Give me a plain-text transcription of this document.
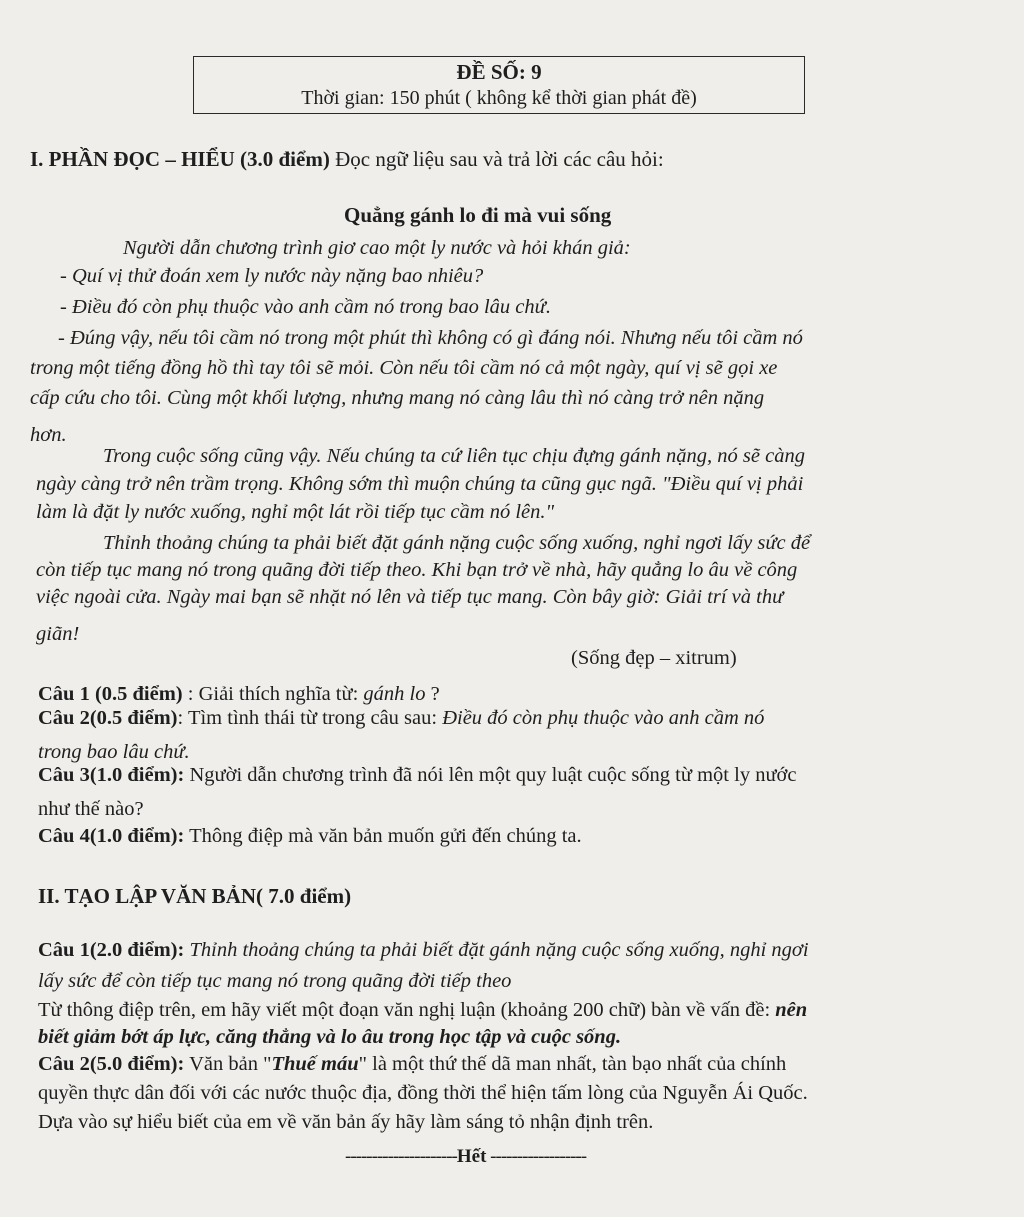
ĐỀ SỐ: 9
Thời gian: 150 phút ( không kể thời gian phát đề)
I. PHẦN ĐỌC – HIỂU (3.0 điểm) Đọc ngữ liệu sau và trả lời các câu hỏi:
Quẳng gánh lo đi mà vui sống
Người dẫn chương trình giơ cao một ly nước và hỏi khán giả:
- Quí vị thử đoán xem ly nước này nặng bao nhiêu?
- Điều đó còn phụ thuộc vào anh cầm nó trong bao lâu chứ.
- Đúng vậy, nếu tôi cầm nó trong một phút thì không có gì đáng nói. Nhưng nếu tôi cầm nó
trong một tiếng đồng hồ thì tay tôi sẽ mỏi. Còn nếu tôi cầm nó cả một ngày, quí vị sẽ gọi xe
cấp cứu cho tôi. Cùng một khối lượng, nhưng mang nó càng lâu thì nó càng trở nên nặng
hơn.
Trong cuộc sống cũng vậy. Nếu chúng ta cứ liên tục chịu đựng gánh nặng, nó sẽ càng
ngày càng trở nên trầm trọng. Không sớm thì muộn chúng ta cũng gục ngã. "Điều quí vị phải
làm là đặt ly nước xuống, nghỉ một lát rồi tiếp tục cầm nó lên."
Thỉnh thoảng chúng ta phải biết đặt gánh nặng cuộc sống xuống, nghỉ ngơi lấy sức để
còn tiếp tục mang nó trong quãng đời tiếp theo. Khi bạn trở về nhà, hãy quẳng lo âu về công
việc ngoài cửa. Ngày mai bạn sẽ nhặt nó lên và tiếp tục mang. Còn bây giờ: Giải trí và thư
giãn!
(Sống đẹp – xitrum)
Câu 1 (0.5 điểm) : Giải thích nghĩa từ: gánh lo ?
Câu 2(0.5 điểm): Tìm tình thái từ trong câu sau: Điều đó còn phụ thuộc vào anh cầm nó
trong bao lâu chứ.
Câu 3(1.0 điểm): Người dẫn chương trình đã nói lên một quy luật cuộc sống từ một ly nước
như thế nào?
Câu 4(1.0 điểm): Thông điệp mà văn bản muốn gửi đến chúng ta.
II. TẠO LẬP VĂN BẢN( 7.0 điểm)
Câu 1(2.0 điểm): Thỉnh thoảng chúng ta phải biết đặt gánh nặng cuộc sống xuống, nghỉ ngơi
lấy sức để còn tiếp tục mang nó trong quãng đời tiếp theo
Từ thông điệp trên, em hãy viết một đoạn văn nghị luận (khoảng 200 chữ) bàn về vấn đề: nên
biết giảm bớt áp lực, căng thẳng và lo âu trong học tập và cuộc sống.
Câu 2(5.0 điểm): Văn bản "Thuế máu" là một thứ thế dã man nhất, tàn bạo nhất của chính
quyền thực dân đối với các nước thuộc địa, đồng thời thể hiện tấm lòng của Nguyễn Ái Quốc.
Dựa vào sự hiểu biết của em về văn bản ấy hãy làm sáng tỏ nhận định trên.
---------------------Hết ------------------
